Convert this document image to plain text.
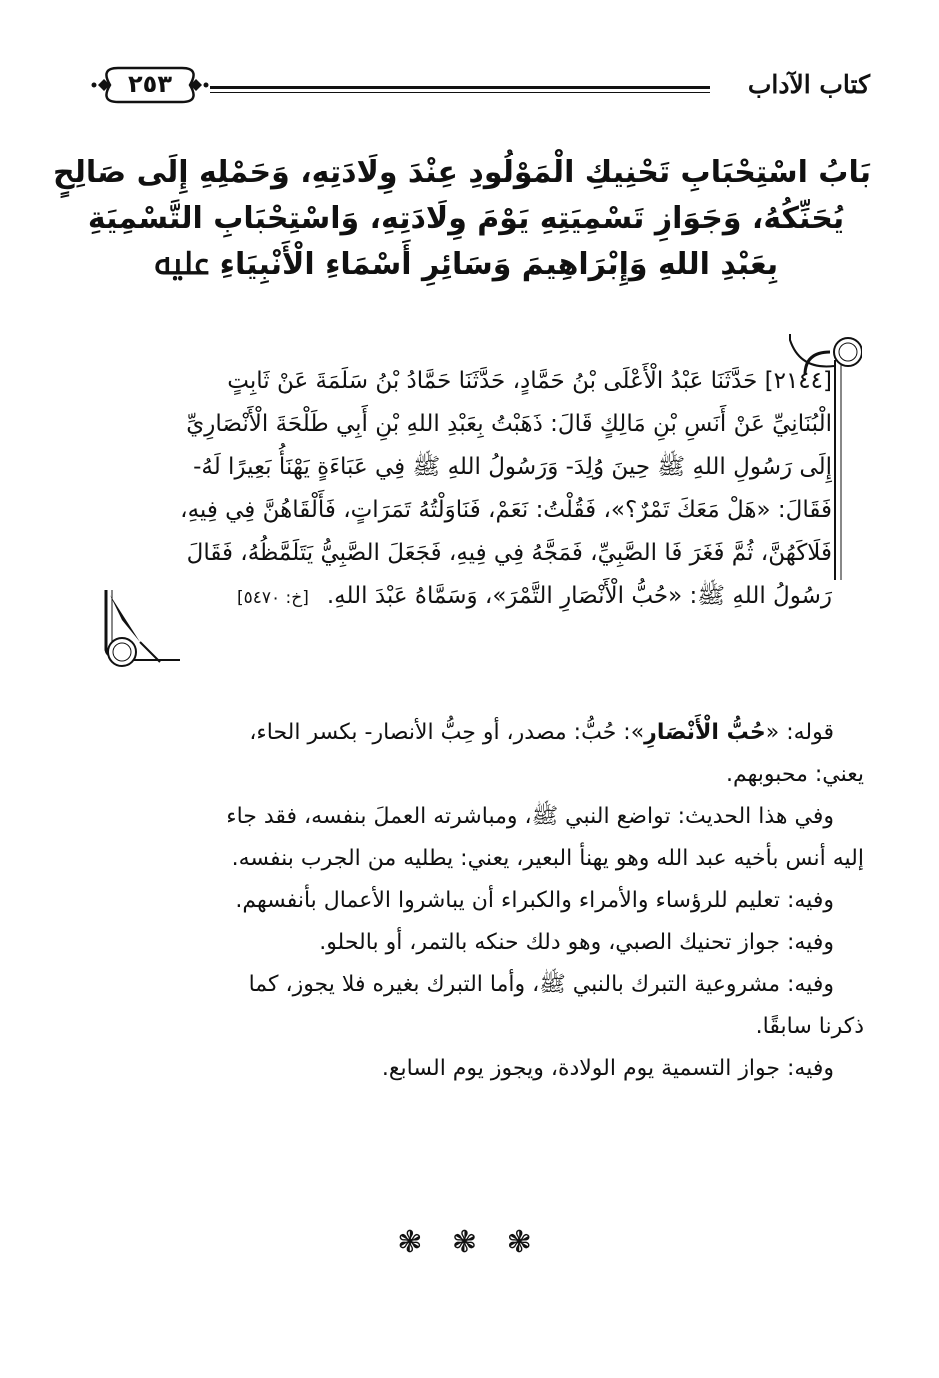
كتاب الآداب
٢٥٣
بَابُ اسْتِحْبَابِ تَحْنِيكِ الْمَوْلُودِ عِنْدَ وِلَادَتِهِ، وَحَمْلِهِ إِلَى صَالِحٍ
يُحَنِّكُهُ، وَجَوَازِ تَسْمِيَتِهِ يَوْمَ وِلَادَتِهِ، وَاسْتِحْبَابِ التَّسْمِيَةِ
بِعَبْدِ اللهِ وَإِبْرَاهِيمَ وَسَائِرِ أَسْمَاءِ الْأَنْبِيَاءِ ﷷ
[٢١٤٤] حَدَّثَنَا عَبْدُ الْأَعْلَى بْنُ حَمَّادٍ، حَدَّثَنَا حَمَّادُ بْنُ سَلَمَةَ عَنْ ثَابِتٍ
الْبُنَانِيِّ عَنْ أَنَسِ بْنِ مَالِكٍ قَالَ: ذَهَبْتُ بِعَبْدِ اللهِ بْنِ أَبِي طَلْحَةَ الْأَنْصَارِيِّ
إِلَى رَسُولِ اللهِ ﷺ حِينَ وُلِدَ- وَرَسُولُ اللهِ ﷺ فِي عَبَاءَةٍ يَهْنَأُ بَعِيرًا لَهُ-
فَقَالَ: «هَلْ مَعَكَ تَمْرٌ؟»، فَقُلْتُ: نَعَمْ، فَنَاوَلْتُهُ تَمَرَاتٍ، فَأَلْقَاهُنَّ فِي فِيهِ،
فَلَاكَهُنَّ، ثُمَّ فَغَرَ فَا الصَّبِيِّ، فَمَجَّهُ فِي فِيهِ، فَجَعَلَ الصَّبِيُّ يَتَلَمَّظُهُ، فَقَالَ
رَسُولُ اللهِ ﷺ: «حُبُّ الْأَنْصَارِ التَّمْرَ»، وَسَمَّاهُ عَبْدَ اللهِ.[خ: ٥٤٧٠]
قوله: «حُبُّ الْأَنْصَارِ»: حُبُّ: مصدر، أو حِبُّ الأنصار- بكسر الحاء،
يعني: محبوبهم.
وفي هذا الحديث: تواضع النبي ﷺ، ومباشرته العملَ بنفسه، فقد جاء
إليه أنس بأخيه عبد الله وهو يهنأ البعير، يعني: يطليه من الجرب بنفسه.
وفيه: تعليم للرؤساء والأمراء والكبراء أن يباشروا الأعمال بأنفسهم.
وفيه: جواز تحنيك الصبي، وهو دلك حنكه بالتمر، أو بالحلو.
وفيه: مشروعية التبرك بالنبي ﷺ، وأما التبرك بغيره فلا يجوز، كما
ذكرنا سابقًا.
وفيه: جواز التسمية يوم الولادة، ويجوز يوم السابع.
❃ ❃ ❃
